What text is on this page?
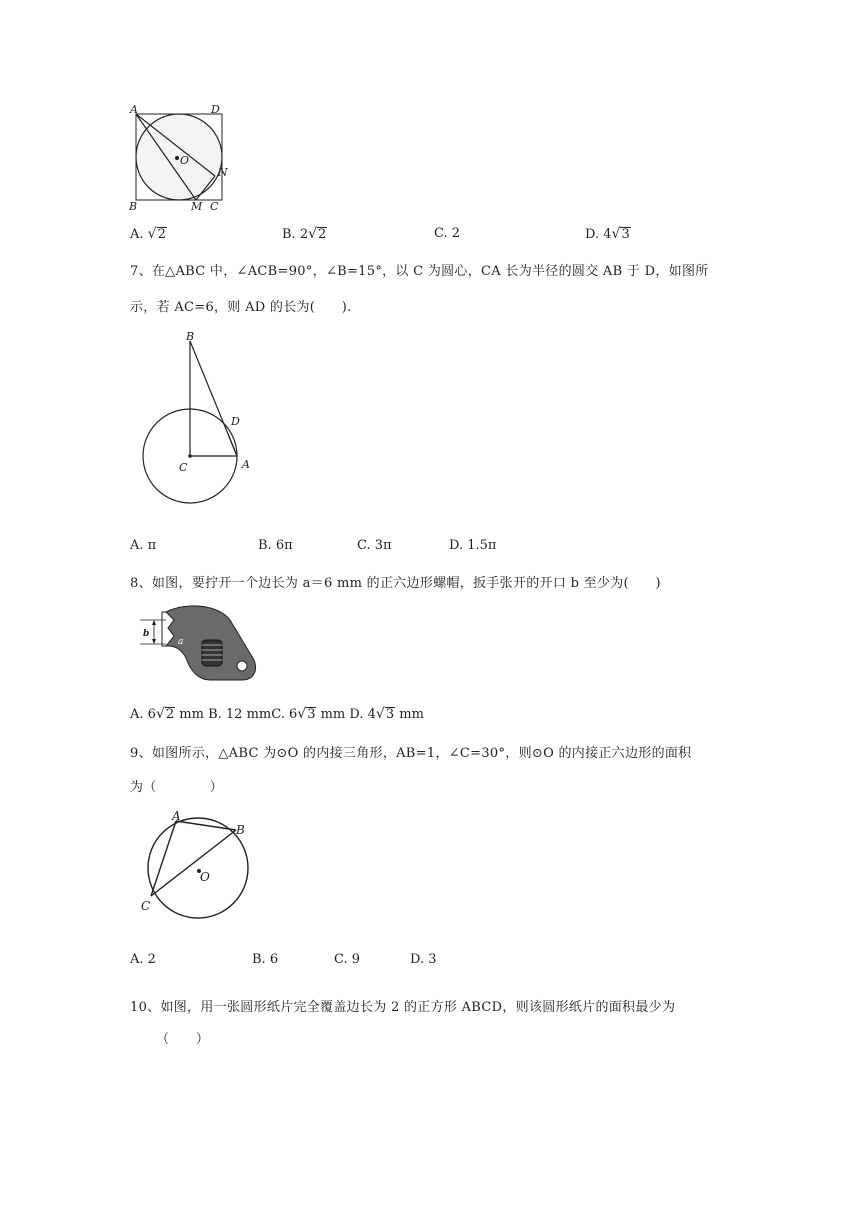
A	D
O
N
B	M C
A. √2	B. 2√2	C. 2	D. 4√3
7、在△ABC 中，∠ACB=90°，∠B=15°，以 C 为圆心，CA 长为半径的圆交 AB 于 D，如图所
示，若 AC=6，则 AD 的长为(　　).
B
D
C	A
A. π	B. 6π	C. 3π	D. 1.5π
8、如图，要拧开一个边长为 a＝6 mm 的正六边形螺帽，扳手张开的开口 b 至少为(　　)
b
a
A. 6√2 mm B. 12 mmC. 6√3 mm D. 4√3 mm
9、如图所示，△ABC 为⊙O 的内接三角形，AB=1，∠C=30°，则⊙O 的内接正六边形的面积
为（　　　　）
A
B
O
C
A. 2	B. 6	C. 9	D. 3
10、如图，用一张圆形纸片完全覆盖边长为 2 的正方形 ABCD，则该圆形纸片的面积最少为
（　　）
